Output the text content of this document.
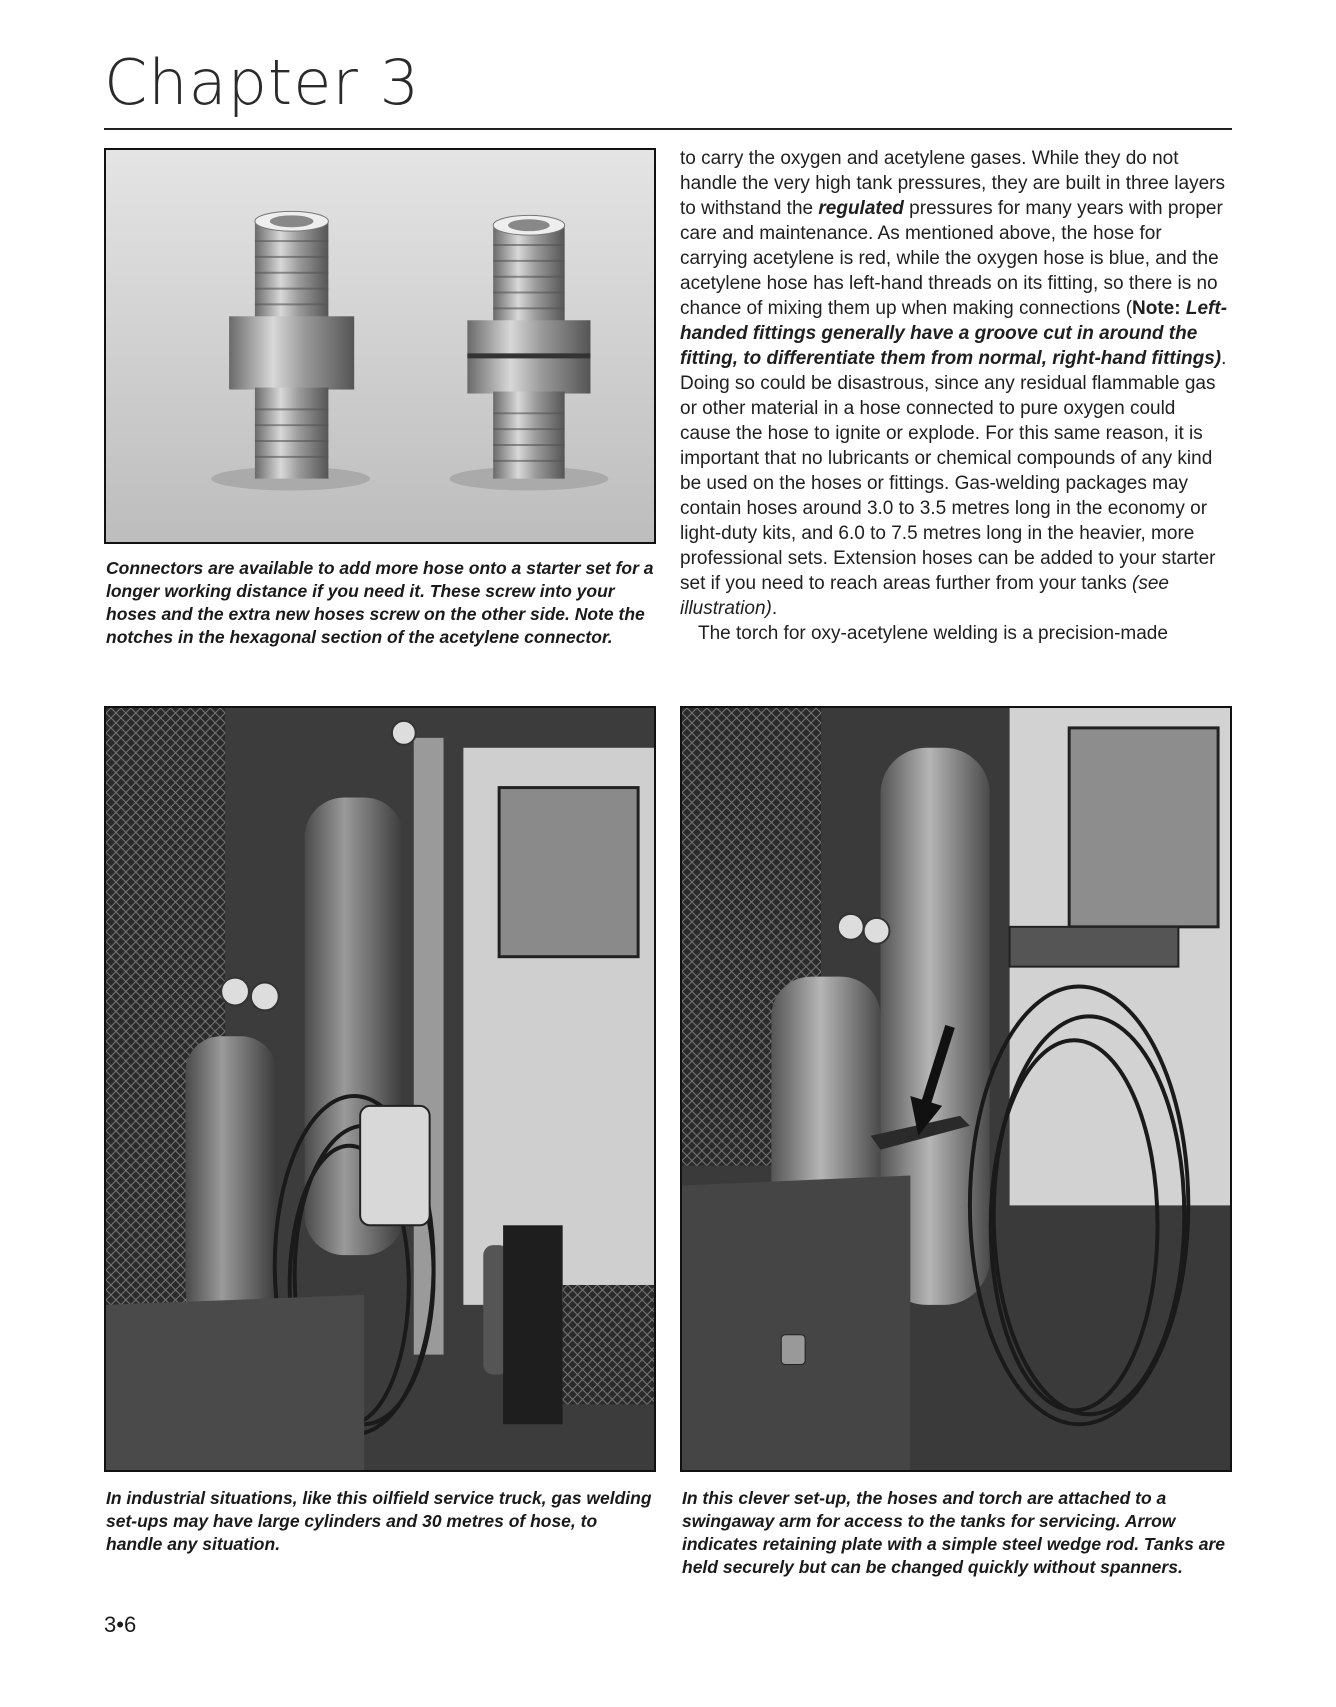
Chapter 3

Connectors are available to add more hose onto a starter set for a longer working distance if you need it. These screw into your hoses and the extra new hoses screw on the other side. Note the notches in the hexagonal section of the acetylene connector.

to carry the oxygen and acetylene gases. While they do not handle the very high tank pressures, they are built in three layers to withstand the regulated pressures for many years with proper care and maintenance. As mentioned above, the hose for carrying acetylene is red, while the oxygen hose is blue, and the acetylene hose has left-hand threads on its fitting, so there is no chance of mixing them up when making connections (Note: Left-handed fittings generally have a groove cut in around the fitting, to differentiate them from normal, right-hand fittings). Doing so could be disastrous, since any residual flammable gas or other material in a hose connected to pure oxygen could cause the hose to ignite or explode. For this same reason, it is important that no lubricants or chemical compounds of any kind be used on the hoses or fittings. Gas-welding packages may contain hoses around 3.0 to 3.5 metres long in the economy or light-duty kits, and 6.0 to 7.5 metres long in the heavier, more professional sets. Extension hoses can be added to your starter set if you need to reach areas further from your tanks (see illustration).

The torch for oxy-acetylene welding is a precision-made

In industrial situations, like this oilfield service truck, gas welding set-ups may have large cylinders and 30 metres of hose, to handle any situation.

In this clever set-up, the hoses and torch are attached to a swingaway arm for access to the tanks for servicing. Arrow indicates retaining plate with a simple steel wedge rod. Tanks are held securely but can be changed quickly without spanners.

3•6
